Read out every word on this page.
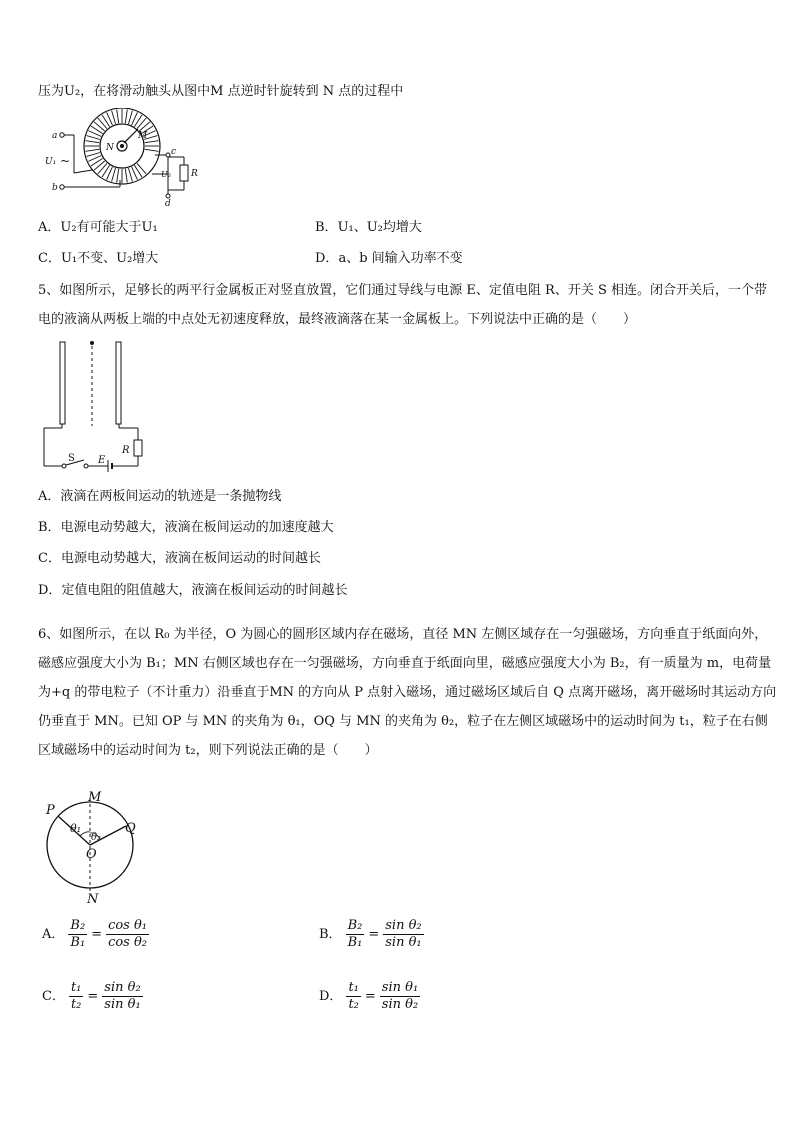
压为U₂，在将滑动触头从图中M 点逆时针旋转到 N 点的过程中
a
b
U₁ ~
M
N	c
d
U₂ R
A．U₂有可能大于U₁	B．U₁、U₂均增大
C．U₁不变、U₂增大	D．a、b 间输入功率不变
5、如图所示，足够长的两平行金属板正对竖直放置，它们通过导线与电源 E、定值电阻 R、开关 S 相连。闭合开关后，一个带电的液滴从两板上端的中点处无初速度释放，最终液滴落在某一金属板上。下列说法中正确的是（　　）
S E
R
A．液滴在两板间运动的轨迹是一条抛物线
B．电源电动势越大，液滴在板间运动的加速度越大
C．电源电动势越大，液滴在板间运动的时间越长
D．定值电阻的阻值越大，液滴在板间运动的时间越长
6、如图所示，在以 R₀ 为半径，O 为圆心的圆形区域内存在磁场，直径 MN 左侧区域存在一匀强磁场，方向垂直于纸面向外，磁感应强度大小为 B₁；MN 右侧区域也存在一匀强磁场，方向垂直于纸面向里，磁感应强度大小为 B₂，有一质量为 m，电荷量为+q 的带电粒子（不计重力）沿垂直于MN 的方向从 P 点射入磁场，通过磁场区域后自 Q 点离开磁场，离开磁场时其运动方向仍垂直于 MN。已知 OP 与 MN 的夹角为 θ₁，OQ 与 MN 的夹角为 θ₂，粒子在左侧区域磁场中的运动时间为 t₁，粒子在右侧区域磁场中的运动时间为 t₂，则下列说法正确的是（　　）
P
M
Q
O
N
θ₁
θ₂
A． $\frac{\text{B₂}}{\text{B₁}} = \frac{\text{cos θ₁}}{\text{cos θ₂}}$	B． $\frac{\text{B₂}}{\text{B₁}} = \frac{\text{sin θ₂}}{\text{sin θ₁}}$
C． $\frac{\text{t₁}}{\text{t₂}} = \frac{\text{sin θ₂}}{\text{sin θ₁}}$	D． $\frac{\text{t₁}}{\text{t₂}} = \frac{\text{sin θ₁}}{\text{sin θ₂}}$
